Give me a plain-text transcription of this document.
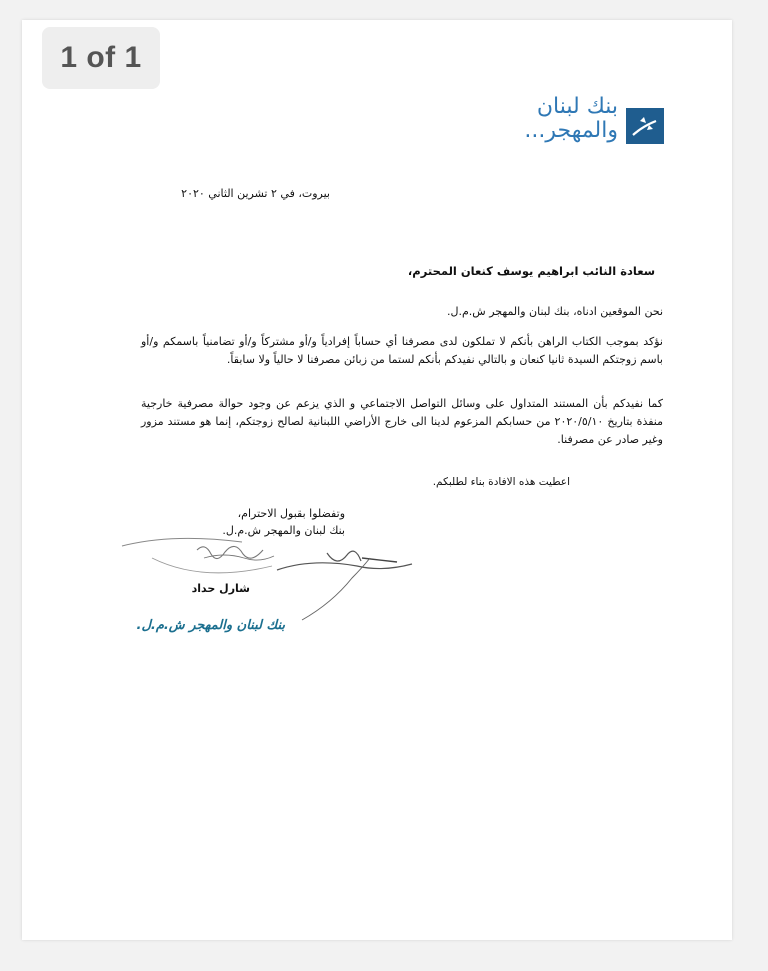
1 of 1
بنك لبنان
والمهجر...
بيروت، في ٢ تشرين الثاني ٢٠٢٠
سعادة النائب ابراهيم يوسف كنعان المحترم،
نحن الموقعين ادناه، بنك لبنان والمهجر ش.م.ل.
نؤكد بموجب الكتاب الراهن بأنكم لا تملكون لدى مصرفنا أي حساباً إفرادياً و/أو مشتركاً و/أو تضامنياً باسمكم و/أو باسم زوجتكم السيدة ثانيا كنعان و بالتالي نفيدكم بأنكم لستما من زبائن مصرفنا لا حالياً ولا سابقاً.
كما نفيدكم بأن المستند المتداول على وسائل التواصل الاجتماعي و الذي يزعم عن وجود حوالة مصرفية خارجية منفذة بتاريخ ٢٠٢٠/٥/١٠ من حسابكم المزعوم لدينا الى خارج الأراضي اللبنانية لصالح زوجتكم، إنما هو مستند مزور وغير صادر عن مصرفنا.
اعطيت هذه الافادة بناء لطلبكم.
وتفضلوا بقبول الاحترام،
بنك لبنان والمهجر ش.م.ل.
شارل حداد
بنك لبنان والمهجر ش.م.ل.
